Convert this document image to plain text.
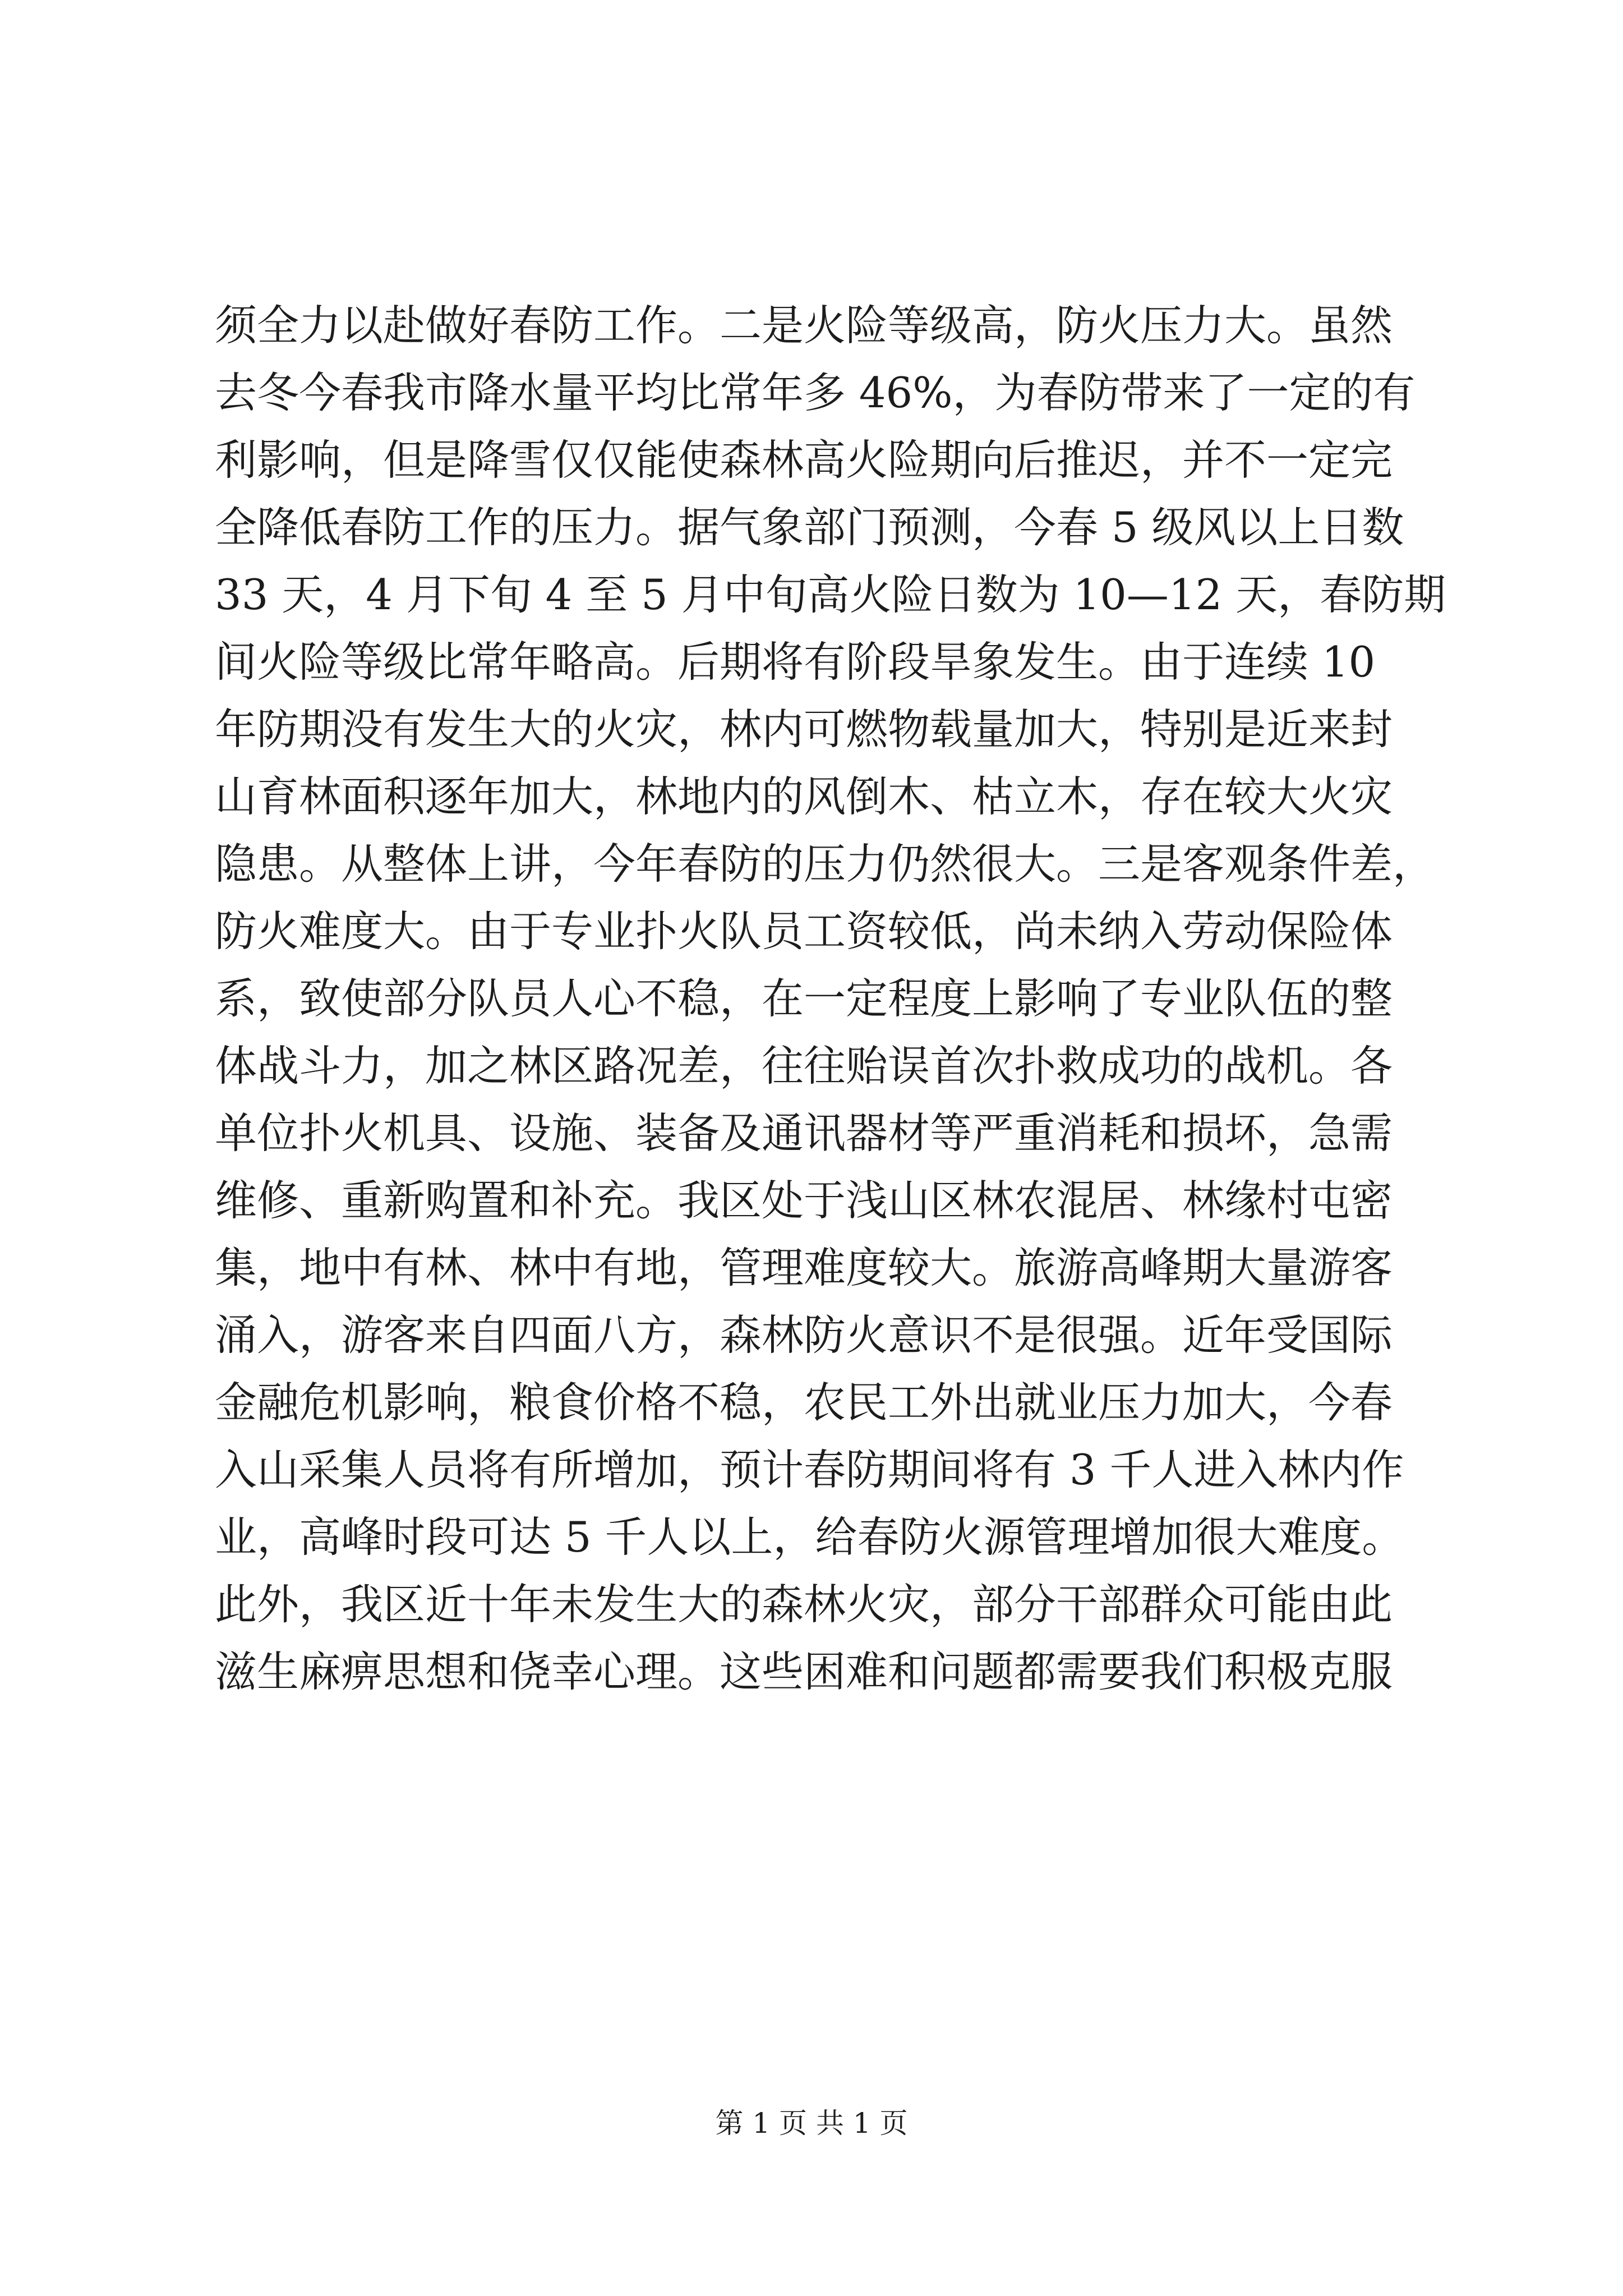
须全力以赴做好春防工作。二是火险等级高，防火压力大。虽然
去冬今春我市降水量平均比常年多 46%，为春防带来了一定的有
利影响，但是降雪仅仅能使森林高火险期向后推迟，并不一定完
全降低春防工作的压力。据气象部门预测，今春 5 级风以上日数
33 天，4 月下旬 4 至 5 月中旬高火险日数为 10—12 天，春防期
间火险等级比常年略高。后期将有阶段旱象发生。由于连续 10
年防期没有发生大的火灾，林内可燃物载量加大，特别是近来封
山育林面积逐年加大，林地内的风倒木、枯立木，存在较大火灾
隐患。从整体上讲，今年春防的压力仍然很大。三是客观条件差，
防火难度大。由于专业扑火队员工资较低，尚未纳入劳动保险体
系，致使部分队员人心不稳，在一定程度上影响了专业队伍的整
体战斗力，加之林区路况差，往往贻误首次扑救成功的战机。各
单位扑火机具、设施、装备及通讯器材等严重消耗和损坏，急需
维修、重新购置和补充。我区处于浅山区林农混居、林缘村屯密
集，地中有林、林中有地，管理难度较大。旅游高峰期大量游客
涌入，游客来自四面八方，森林防火意识不是很强。近年受国际
金融危机影响，粮食价格不稳，农民工外出就业压力加大，今春
入山采集人员将有所增加，预计春防期间将有 3 千人进入林内作
业，高峰时段可达 5 千人以上，给春防火源管理增加很大难度。
此外，我区近十年未发生大的森林火灾，部分干部群众可能由此
滋生麻痹思想和侥幸心理。这些困难和问题都需要我们积极克服
第 1 页 共 1 页
